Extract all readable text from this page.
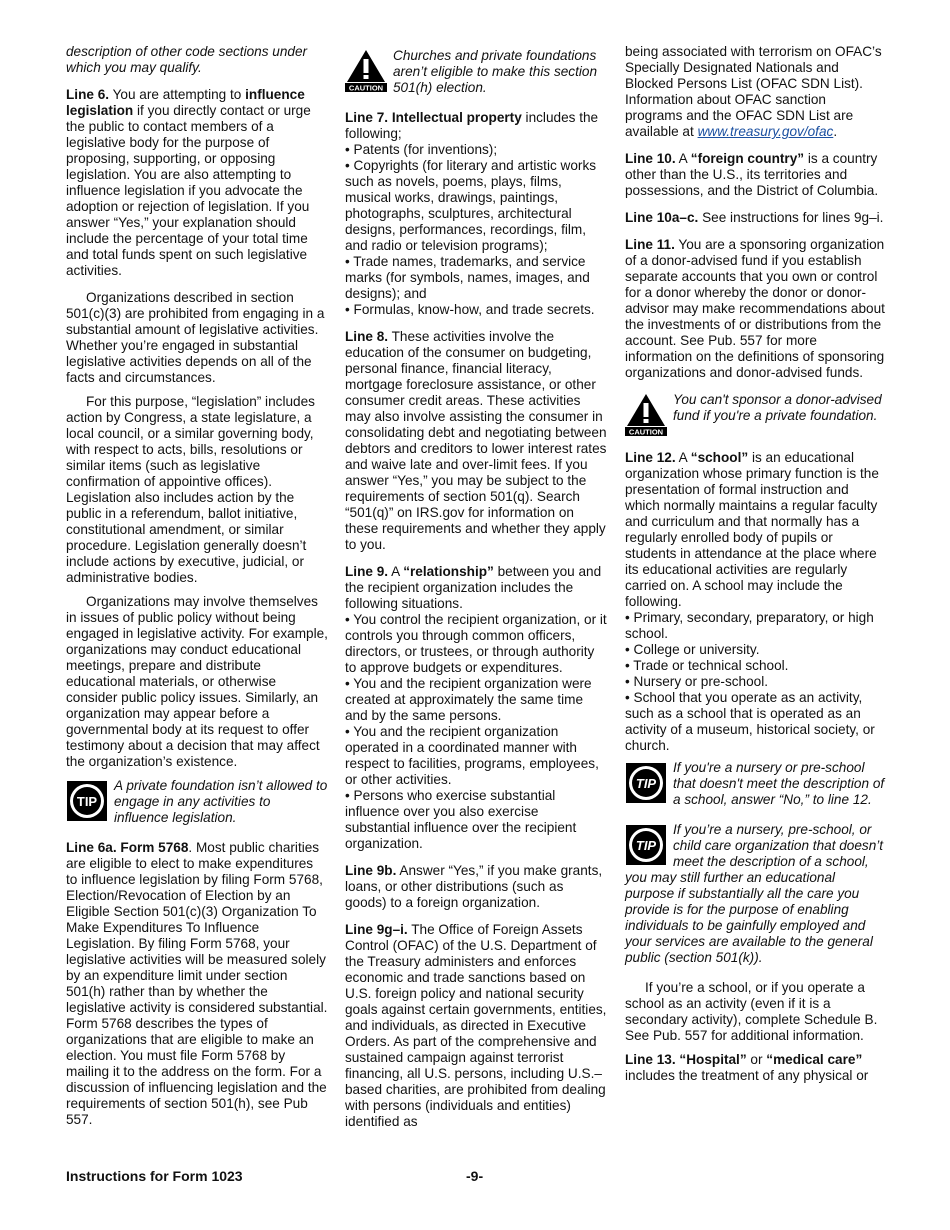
description of other code sections under which you may qualify.

Line 6. You are attempting to influence legislation if you directly contact or urge the public to contact members of a legislative body for the purpose of proposing, supporting, or opposing legislation. You are also attempting to influence legislation if you advocate the adoption or rejection of legislation. If you answer “Yes,” your explanation should include the percentage of your total time and total funds spent on such legislative activities.

Organizations described in section 501(c)(3) are prohibited from engaging in a substantial amount of legislative activities. Whether you’re engaged in substantial legislative activities depends on all of the facts and circumstances.

For this purpose, “legislation” includes action by Congress, a state legislature, a local council, or a similar governing body, with respect to acts, bills, resolutions or similar items (such as legislative confirmation of appointive offices). Legislation also includes action by the public in a referendum, ballot initiative, constitutional amendment, or similar procedure. Legislation generally doesn’t include actions by executive, judicial, or administrative bodies.

Organizations may involve themselves in issues of public policy without being engaged in legislative activity. For example, organizations may conduct educational meetings, prepare and distribute educational materials, or otherwise consider public policy issues. Similarly, an organization may appear before a governmental body at its request to offer testimony about a decision that may affect the organization’s existence.

TIP
A private foundation isn’t allowed to engage in any activities to influence legislation.

Line 6a. Form 5768. Most public charities are eligible to elect to make expenditures to influence legislation by filing Form 5768, Election/Revocation of Election by an Eligible Section 501(c)(3) Organization To Make Expenditures To Influence Legislation. By filing Form 5768, your legislative activities will be measured solely by an expenditure limit under section 501(h) rather than by whether the legislative activity is considered substantial. Form 5768 describes the types of organizations that are eligible to make an election. You must file Form 5768 by mailing it to the address on the form. For a discussion of influencing legislation and the requirements of section 501(h), see Pub 557.

CAUTION
Churches and private foundations aren’t eligible to make this section 501(h) election.

Line 7. Intellectual property includes the following;

• Patents (for inventions);
• Copyrights (for literary and artistic works such as novels, poems, plays, films, musical works, drawings, paintings, photographs, sculptures, architectural designs, performances, recordings, film, and radio or television programs);
• Trade names, trademarks, and service marks (for symbols, names, images, and designs); and
• Formulas, know-how, and trade secrets.

Line 8. These activities involve the education of the consumer on budgeting, personal finance, financial literacy, mortgage foreclosure assistance, or other consumer credit areas. These activities may also involve assisting the consumer in consolidating debt and negotiating between debtors and creditors to lower interest rates and waive late and over-limit fees. If you answer “Yes,” you may be subject to the requirements of section 501(q). Search “501(q)” on IRS.gov for information on these requirements and whether they apply to you.

Line 9. A “relationship” between you and the recipient organization includes the following situations.

• You control the recipient organization, or it controls you through common officers, directors, or trustees, or through authority to approve budgets or expenditures.
• You and the recipient organization were created at approximately the same time and by the same persons.
• You and the recipient organization operated in a coordinated manner with respect to facilities, programs, employees, or other activities.
• Persons who exercise substantial influence over you also exercise substantial influence over the recipient organization.

Line 9b. Answer “Yes,” if you make grants, loans, or other distributions (such as goods) to a foreign organization.

Line 9g–i. The Office of Foreign Assets Control (OFAC) of the U.S. Department of the Treasury administers and enforces economic and trade sanctions based on U.S. foreign policy and national security goals against certain governments, entities, and individuals, as directed in Executive Orders. As part of the comprehensive and sustained campaign against terrorist financing, all U.S. persons, including U.S.–based charities, are prohibited from dealing with persons (individuals and entities) identified as

being associated with terrorism on OFAC’s Specially Designated Nationals and Blocked Persons List (OFAC SDN List). Information about OFAC sanction programs and the OFAC SDN List are available at www.treasury.gov/ofac.

Line 10. A “foreign country” is a country other than the U.S., its territories and possessions, and the District of Columbia.

Line 10a–c. See instructions for lines 9g–i.

Line 11. You are a sponsoring organization of a donor-advised fund if you establish separate accounts that you own or control for a donor whereby the donor or donor-advisor may make recommendations about the investments of or distributions from the account. See Pub. 557 for more information on the definitions of sponsoring organizations and donor-advised funds.

CAUTION
You can't sponsor a donor-advised fund if you're a private foundation.

Line 12. A “school” is an educational organization whose primary function is the presentation of formal instruction and which normally maintains a regular faculty and curriculum and that normally has a regularly enrolled body of pupils or students in attendance at the place where its educational activities are regularly carried on. A school may include the following.

• Primary, secondary, preparatory, or high school.
• College or university.
• Trade or technical school.
• Nursery or pre-school.
• School that you operate as an activity, such as a school that is operated as an activity of a museum, historical society, or church.
TIP
If you're a nursery or pre-school that doesn't meet the description of a school, answer “No,” to line 12.
TIP
If you’re a nursery, pre-school, or child care organization that doesn’t meet the description of a school, you may still further an educational purpose if substantially all the care you provide is for the purpose of enabling individuals to be gainfully employed and your services are available to the general public (section 501(k)).

If you’re a school, or if you operate a school as an activity (even if it is a secondary activity), complete Schedule B. See Pub. 557 for additional information.

Line 13. “Hospital” or “medical care” includes the treatment of any physical or

Instructions for Form 1023	-9-
